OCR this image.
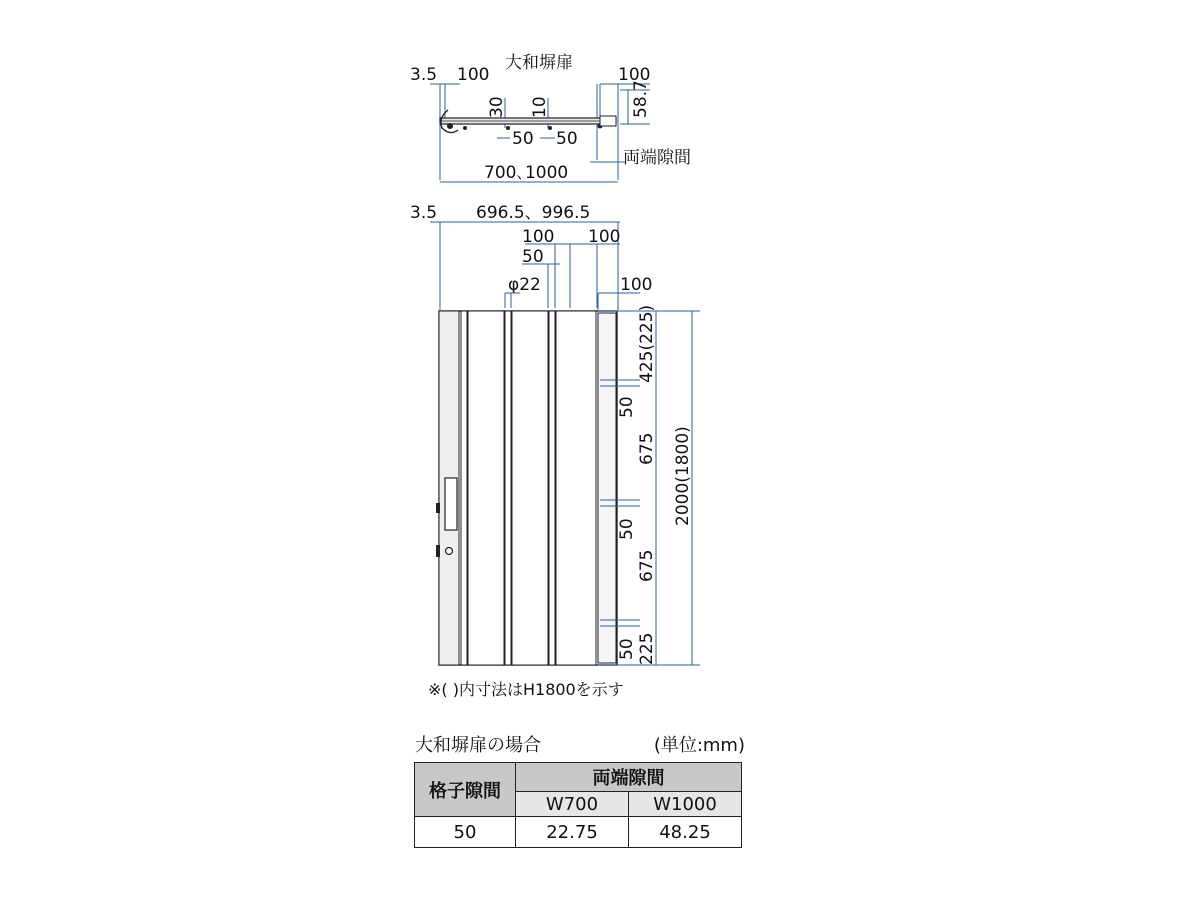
大和塀扉
3.5 100	100
30 10	58.7
50 50
両端隙間
700､1000
3.5 696.5、996.5
100 100
50
φ22	100
425(225)
50
675
50
675
50 225
2000(1800)
※( )内寸法はH1800を示す
大和塀扉の場合	(単位:mm)
格子隙間	両端隙間	
	W700	W1000
50	22.75	48.25
